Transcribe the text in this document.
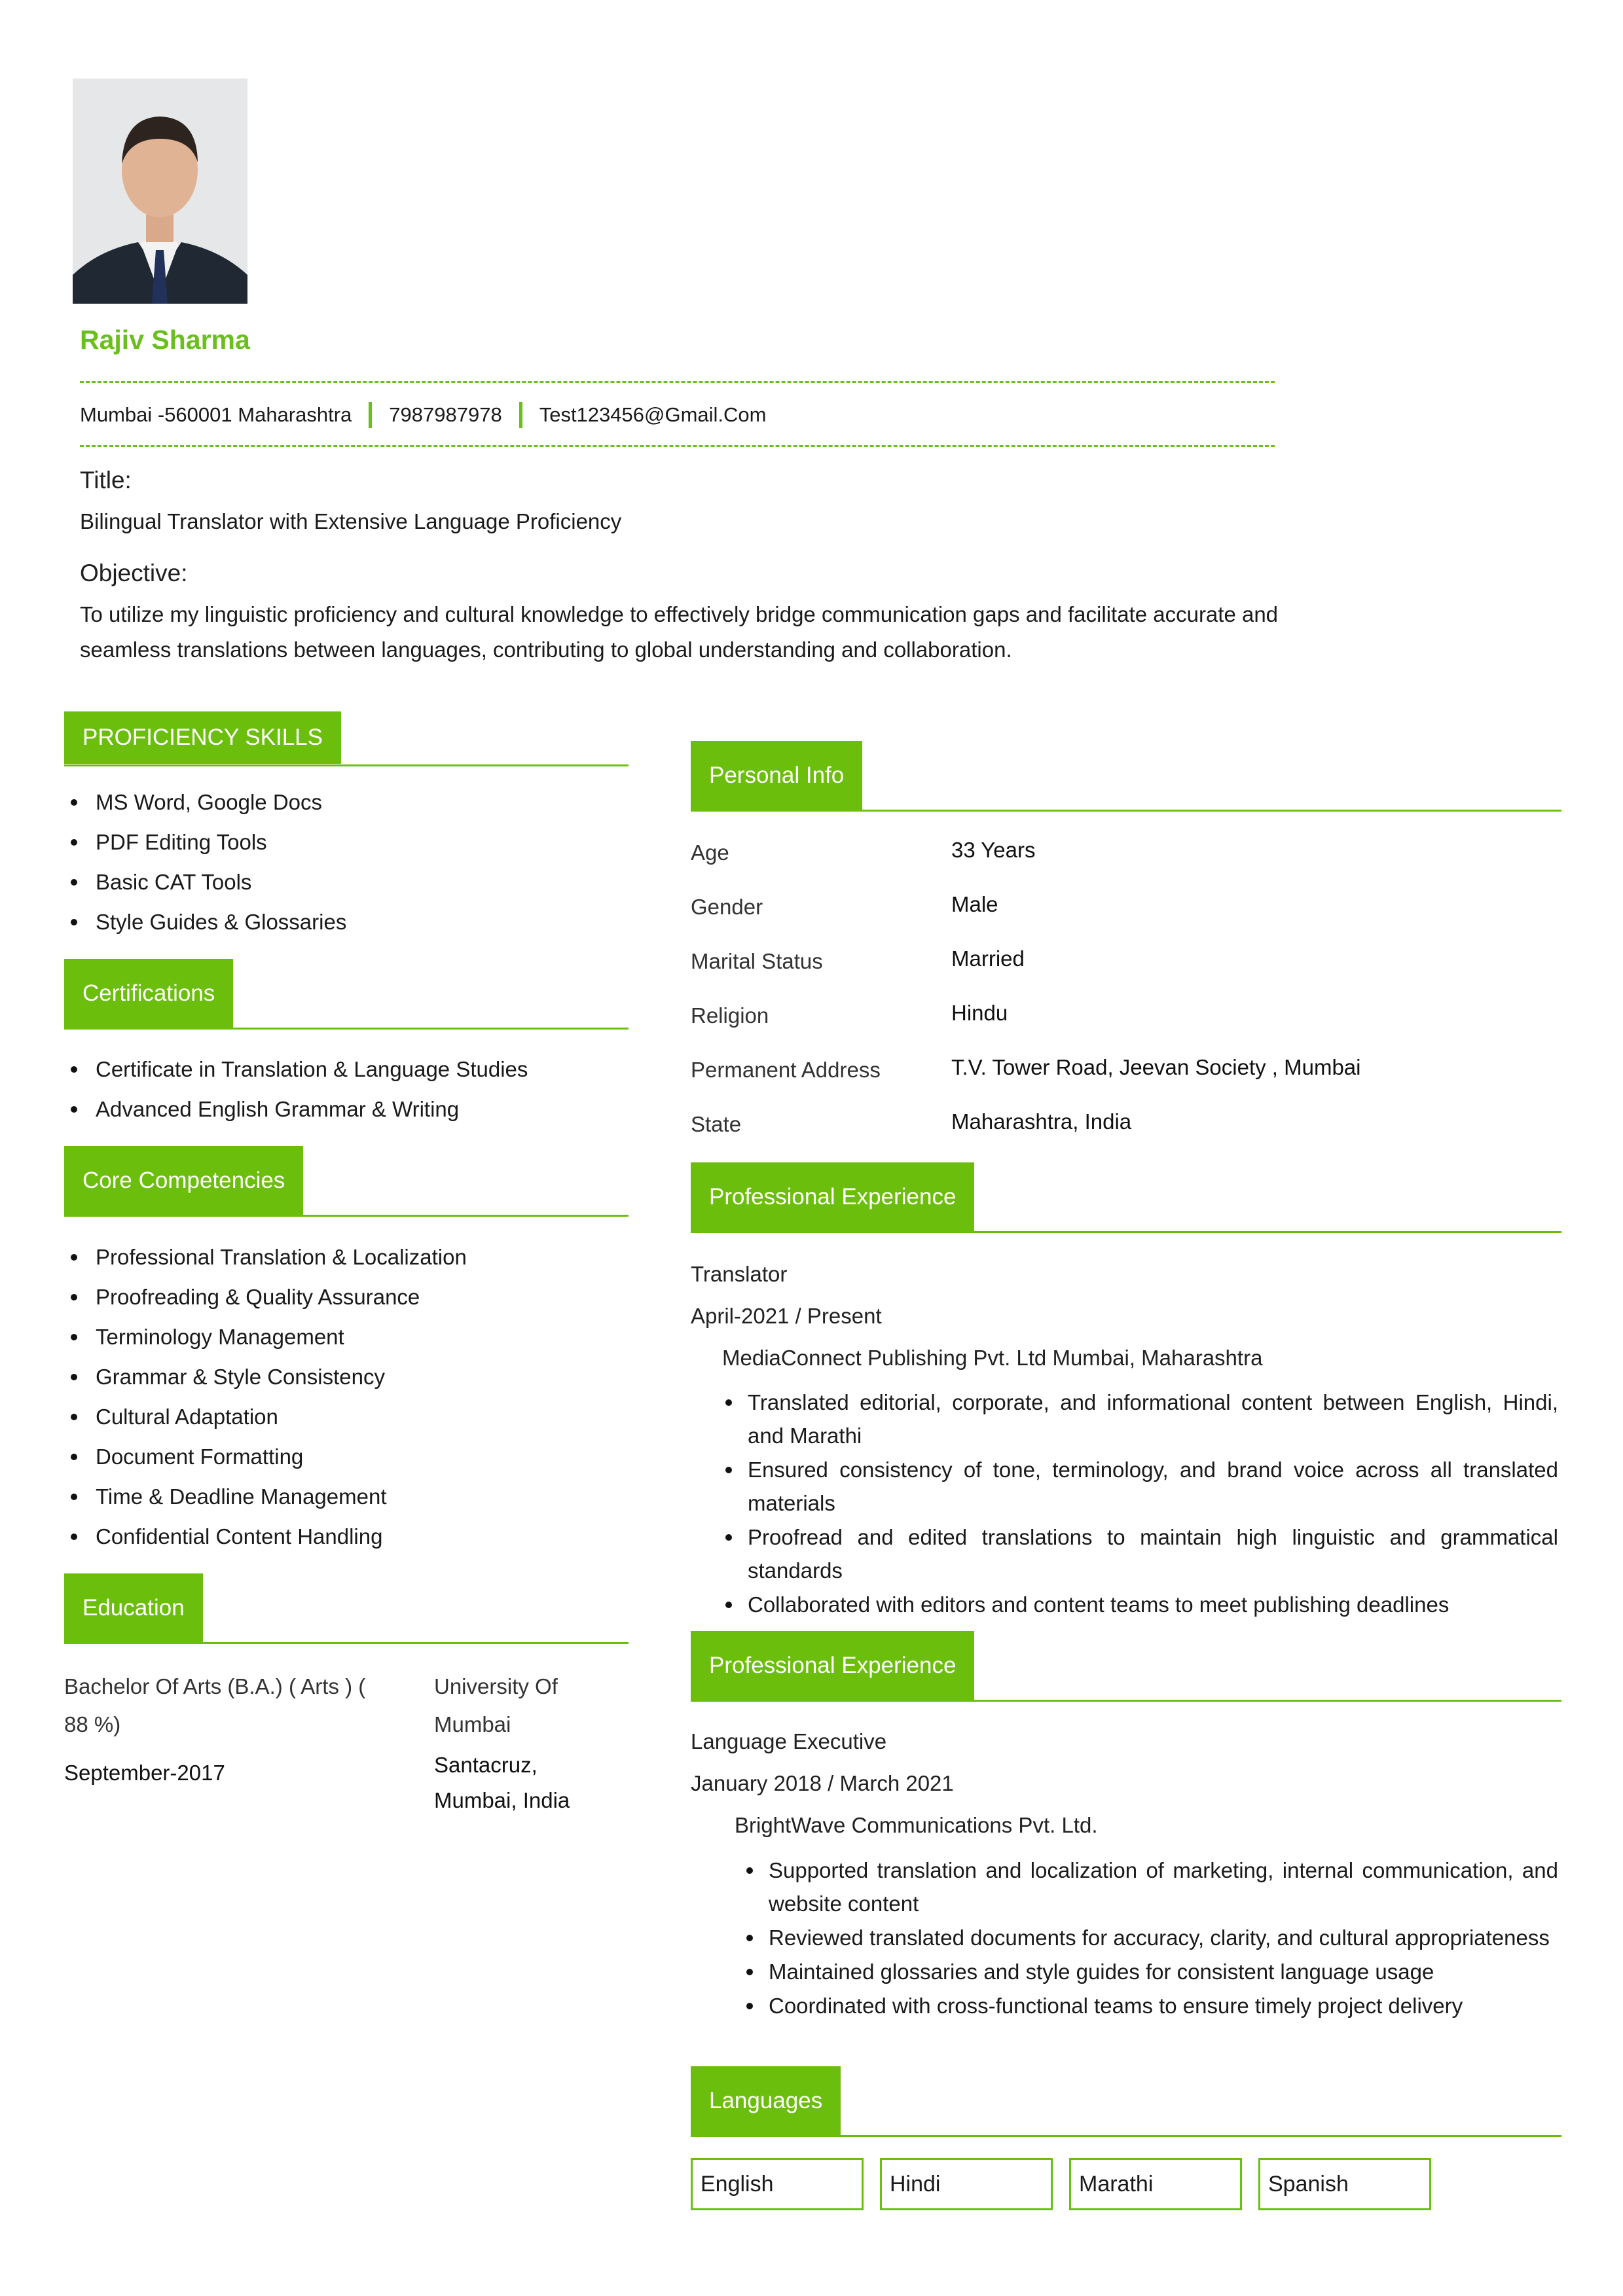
Rajiv Sharma
Mumbai -560001 Maharashtra 7987987978 Test123456@Gmail.Com
Title:
Bilingual Translator with Extensive Language Proficiency
Objective:
To utilize my linguistic proficiency and cultural knowledge to effectively bridge communication gaps and facilitate accurate and seamless translations between languages, contributing to global understanding and collaboration.
PROFICIENCY SKILLS
MS Word, Google Docs
PDF Editing Tools
Basic CAT Tools
Style Guides & Glossaries
Certifications
Certificate in Translation & Language Studies
Advanced English Grammar & Writing
Core Competencies
Professional Translation & Localization
Proofreading & Quality Assurance
Terminology Management
Grammar & Style Consistency
Cultural Adaptation
Document Formatting
Time & Deadline Management
Confidential Content Handling
Education
Bachelor Of Arts (B.A.) ( Arts ) ( 88 %)
September-2017
University Of Mumbai
Santacruz, Mumbai, India
Personal Info
Age	33 Years
Gender	Male
Marital Status	Married
Religion	Hindu
Permanent Address	T.V. Tower Road, Jeevan Society , Mumbai
State	Maharashtra, India
Professional Experience
Translator
April-2021 / Present
MediaConnect Publishing Pvt. Ltd Mumbai, Maharashtra
Translated editorial, corporate, and informational content between English, Hindi, and Marathi
Ensured consistency of tone, terminology, and brand voice across all translated materials
Proofread and edited translations to maintain high linguistic and grammatical standards
Collaborated with editors and content teams to meet publishing deadlines
Professional Experience
Language Executive
January 2018 / March 2021
BrightWave Communications Pvt. Ltd.
Supported translation and localization of marketing, internal communication, and website content
Reviewed translated documents for accuracy, clarity, and cultural appropriateness
Maintained glossaries and style guides for consistent language usage
Coordinated with cross-functional teams to ensure timely project delivery
Languages
English	Hindi	Marathi	Spanish
